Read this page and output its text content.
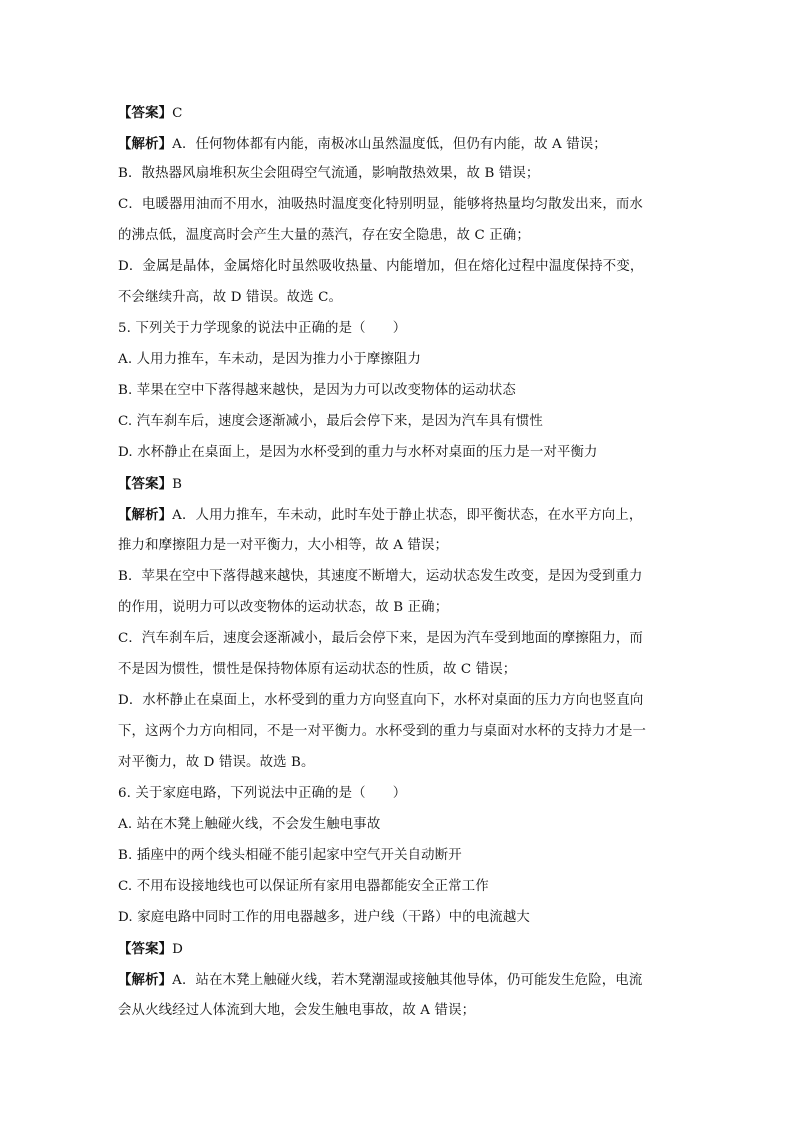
【答案】C
【解析】A．任何物体都有内能，南极冰山虽然温度低，但仍有内能，故 A 错误；
B．散热器风扇堆积灰尘会阻碍空气流通，影响散热效果，故 B 错误；
C．电暖器用油而不用水，油吸热时温度变化特别明显，能够将热量均匀散发出来，而水
的沸点低，温度高时会产生大量的蒸汽，存在安全隐患，故 C 正确；
D．金属是晶体，金属熔化时虽然吸收热量、内能增加，但在熔化过程中温度保持不变，
不会继续升高，故 D 错误。故选 C。
5. 下列关于力学现象的说法中正确的是（　　）
A. 人用力推车，车未动，是因为推力小于摩擦阻力
B. 苹果在空中下落得越来越快，是因为力可以改变物体的运动状态
C. 汽车刹车后，速度会逐渐减小，最后会停下来，是因为汽车具有惯性
D. 水杯静止在桌面上，是因为水杯受到的重力与水杯对桌面的压力是一对平衡力
【答案】B
【解析】A．人用力推车，车未动，此时车处于静止状态，即平衡状态，在水平方向上，
推力和摩擦阻力是一对平衡力，大小相等，故 A 错误；
B．苹果在空中下落得越来越快，其速度不断增大，运动状态发生改变，是因为受到重力
的作用，说明力可以改变物体的运动状态，故 B 正确；
C．汽车刹车后，速度会逐渐减小，最后会停下来，是因为汽车受到地面的摩擦阻力，而
不是因为惯性，惯性是保持物体原有运动状态的性质，故 C 错误；
D．水杯静止在桌面上，水杯受到的重力方向竖直向下，水杯对桌面的压力方向也竖直向
下，这两个力方向相同，不是一对平衡力。水杯受到的重力与桌面对水杯的支持力才是一
对平衡力，故 D 错误。故选 B。
6. 关于家庭电路，下列说法中正确的是（　　）
A. 站在木凳上触碰火线，不会发生触电事故
B. 插座中的两个线头相碰不能引起家中空气开关自动断开
C. 不用布设接地线也可以保证所有家用电器都能安全正常工作
D. 家庭电路中同时工作的用电器越多，进户线（干路）中的电流越大
【答案】D
【解析】A．站在木凳上触碰火线，若木凳潮湿或接触其他导体，仍可能发生危险，电流
会从火线经过人体流到大地，会发生触电事故，故 A 错误；
